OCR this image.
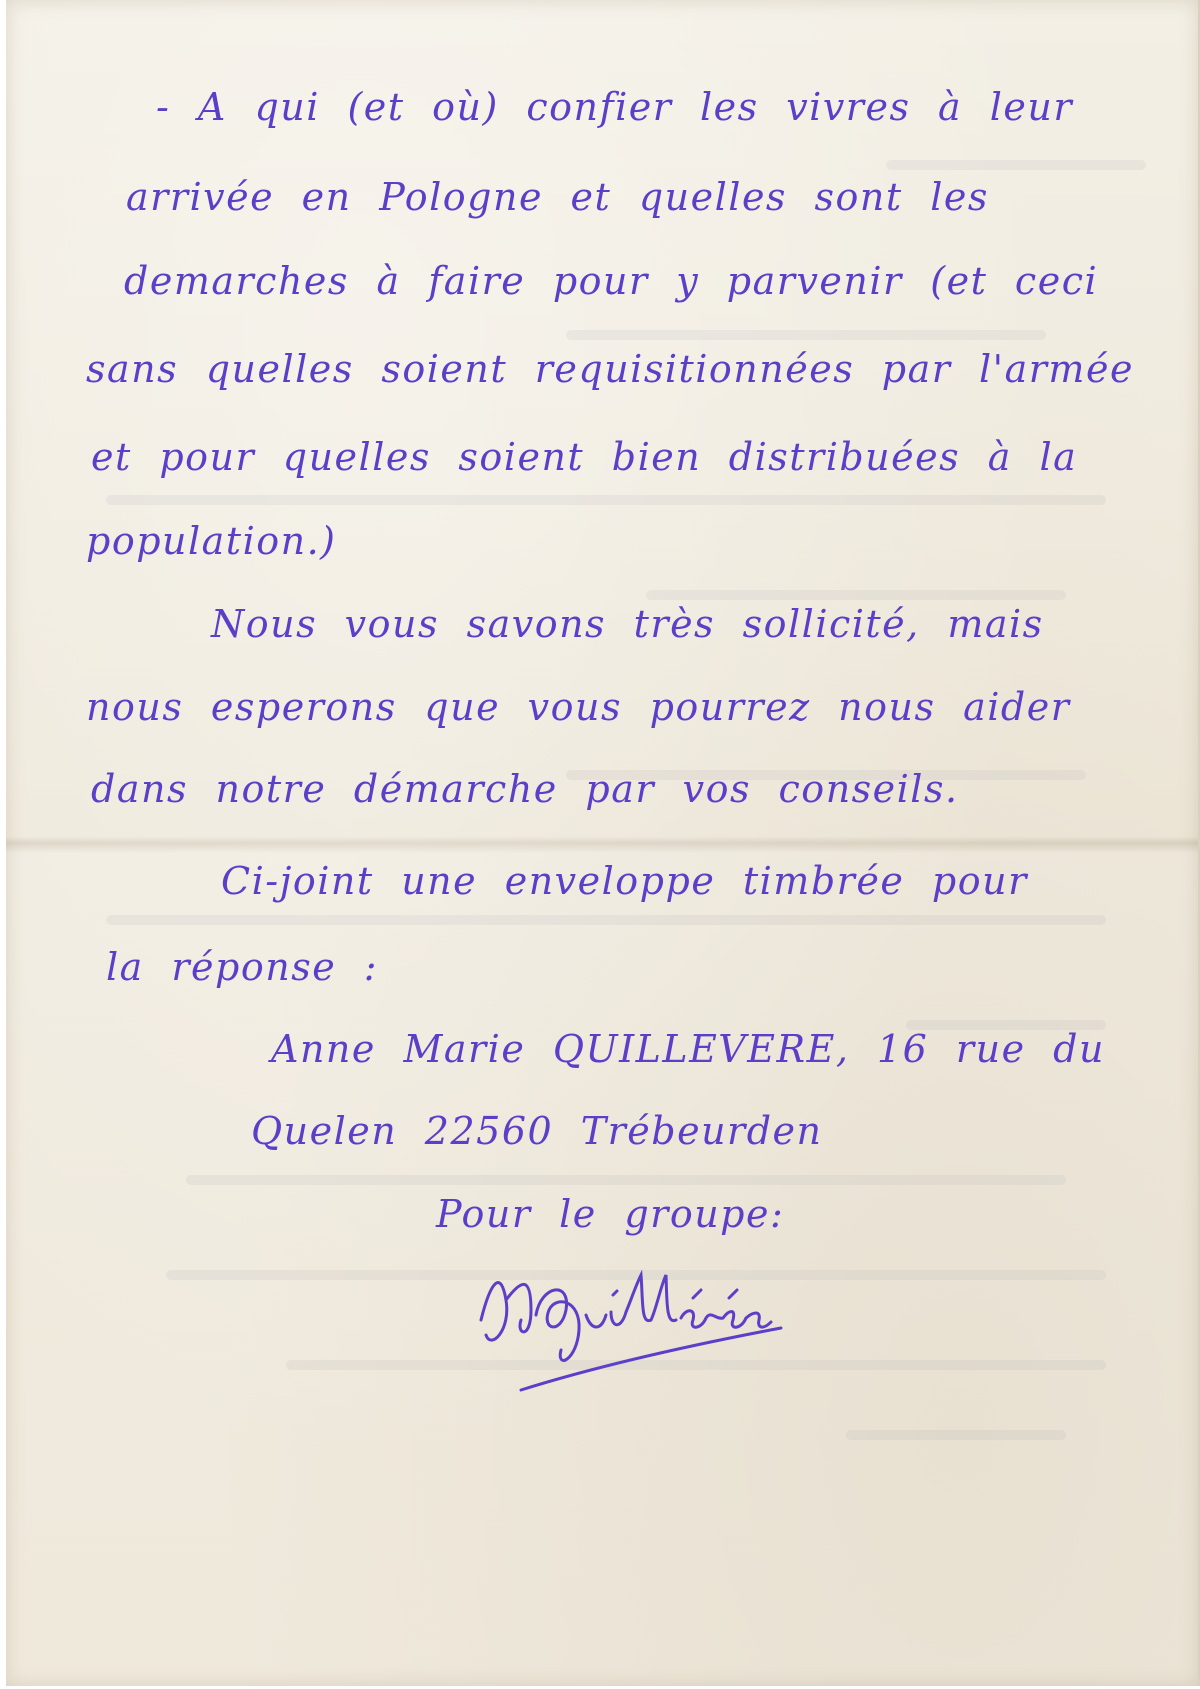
- A qui (et où) confier les vivres à leur

arrivée en Pologne et quelles sont les

demarches à faire pour y parvenir (et ceci

sans quelles soient requisitionnées par l'armée

et pour quelles soient bien distribuées à la

population.)

Nous vous savons très sollicité, mais

nous esperons que vous pourrez nous aider

dans notre démarche par vos conseils.

Ci-joint une enveloppe timbrée pour

la réponse :

Anne Marie QUILLEVERE, 16 rue du

Quelen 22560 Trébeurden

Pour le groupe:
